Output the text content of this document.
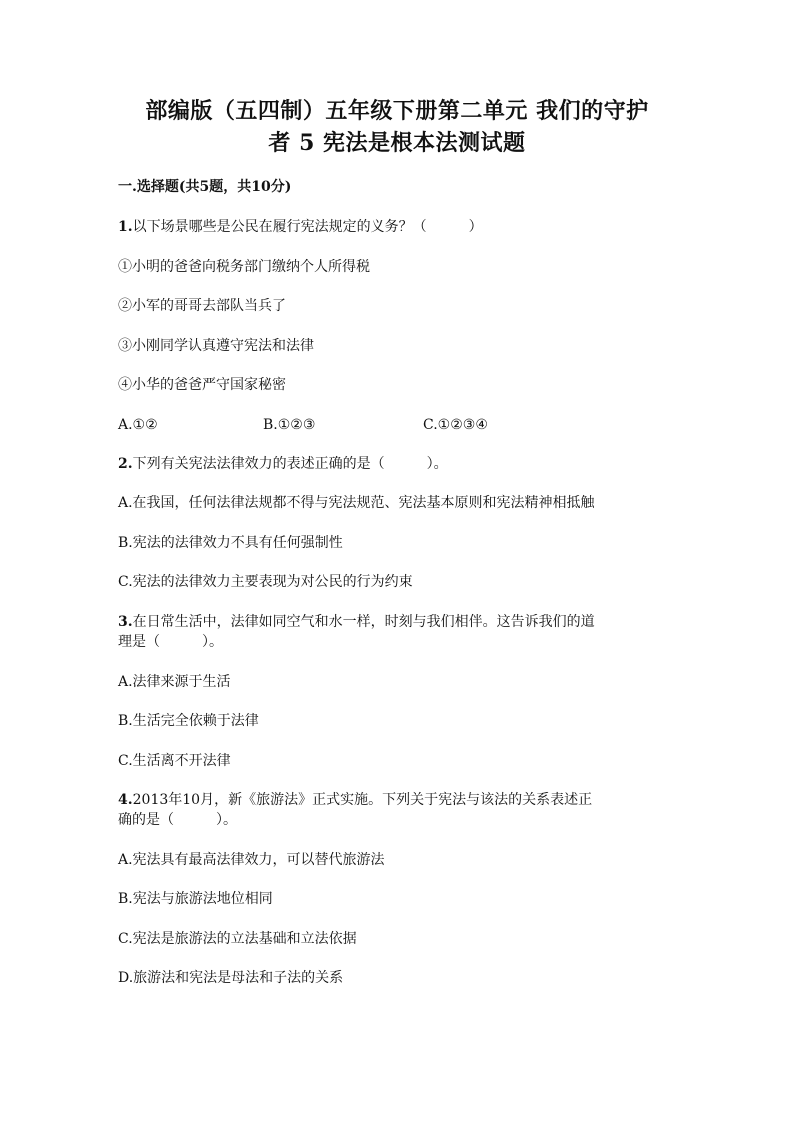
部编版（五四制）五年级下册第二单元 我们的守护
者 5 宪法是根本法测试题
一.选择题(共5题，共10分)
1.以下场景哪些是公民在履行宪法规定的义务？（　　　）
①小明的爸爸向税务部门缴纳个人所得税
②小军的哥哥去部队当兵了
③小刚同学认真遵守宪法和法律
④小华的爸爸严守国家秘密
A.①②	B.①②③	C.①②③④
2.下列有关宪法法律效力的表述正确的是（　　　）。
A.在我国，任何法律法规都不得与宪法规范、宪法基本原则和宪法精神相抵触
B.宪法的法律效力不具有任何强制性
C.宪法的法律效力主要表现为对公民的行为约束
3.在日常生活中，法律如同空气和水一样，时刻与我们相伴。这告诉我们的道
理是（　　　）。
A.法律来源于生活
B.生活完全依赖于法律
C.生活离不开法律
4.2013年10月，新《旅游法》正式实施。下列关于宪法与该法的关系表述正
确的是（　　　）。
A.宪法具有最高法律效力，可以替代旅游法
B.宪法与旅游法地位相同
C.宪法是旅游法的立法基础和立法依据
D.旅游法和宪法是母法和子法的关系
